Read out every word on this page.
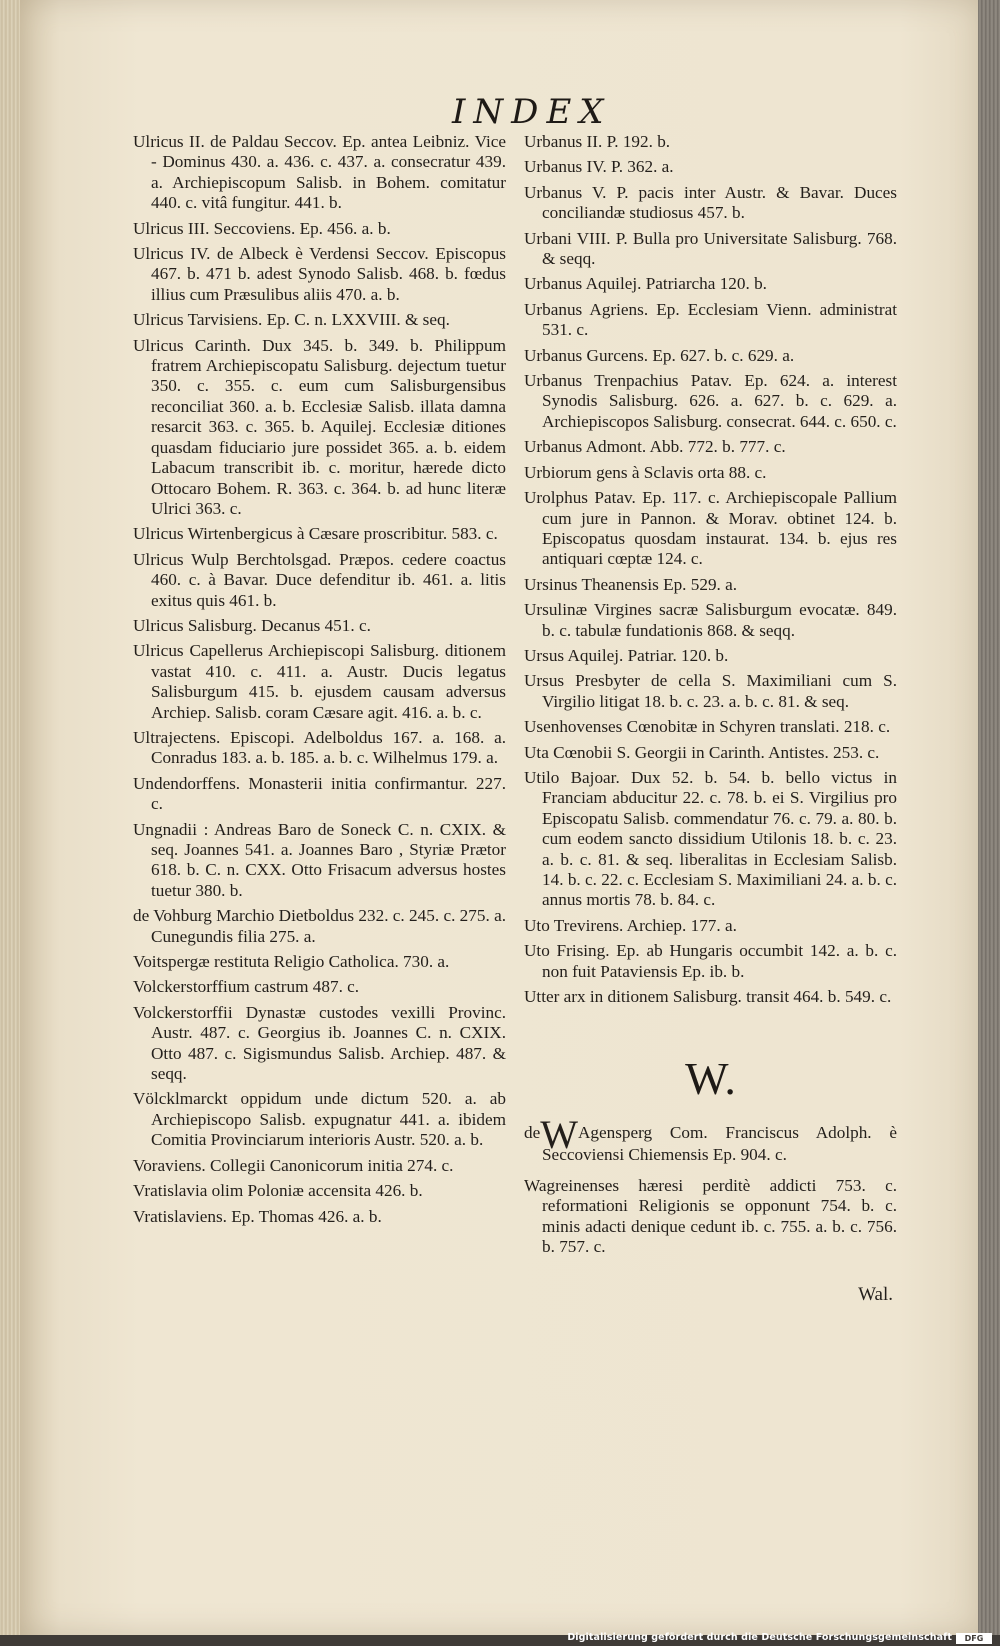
INDEX
Ulricus II. de Paldau Seccov. Ep. antea Leibniz. Vice - Dominus 430. a. 436. c. 437. a. consecratur 439. a. Archiepiscopum Salisb. in Bohem. comitatur 440. c. vitâ fungitur. 441. b.
Ulricus III. Seccoviens. Ep. 456. a. b.
Ulricus IV. de Albeck è Verdensi Seccov. Episcopus 467. b. 471 b. adest Synodo Salisb. 468. b. fœdus illius cum Præsulibus aliis 470. a. b.
Ulricus Tarvisiens. Ep. C. n. LXXVIII. & seq.
Ulricus Carinth. Dux 345. b. 349. b. Philippum fratrem Archiepiscopatu Salisburg. dejectum tuetur 350. c. 355. c. eum cum Salisburgensibus reconciliat 360. a. b. Ecclesiæ Salisb. illata damna resarcit 363. c. 365. b. Aquilej. Ecclesiæ ditiones quasdam fiduciario jure possidet 365. a. b. eidem Labacum transcribit ib. c. moritur, hærede dicto Ottocaro Bohem. R. 363. c. 364. b. ad hunc literæ Ulrici 363. c.
Ulricus Wirtenbergicus à Cæsare proscribitur. 583. c.
Ulricus Wulp Berchtolsgad. Præpos. cedere coactus 460. c. à Bavar. Duce defenditur ib. 461. a. litis exitus quis 461. b.
Ulricus Salisburg. Decanus 451. c.
Ulricus Capellerus Archiepiscopi Salisburg. ditionem vastat 410. c. 411. a. Austr. Ducis legatus Salisburgum 415. b. ejusdem causam adversus Archiep. Salisb. coram Cæsare agit. 416. a. b. c.
Ultrajectens. Episcopi. Adelboldus 167. a. 168. a. Conradus 183. a. b. 185. a. b. c. Wilhelmus 179. a.
Undendorffens. Monasterii initia confirmantur. 227. c.
Ungnadii : Andreas Baro de Soneck C. n. CXIX. & seq. Joannes 541. a. Joannes Baro , Styriæ Prætor 618. b. C. n. CXX. Otto Frisacum adversus hostes tuetur 380. b.
de Vohburg Marchio Dietboldus 232. c. 245. c. 275. a. Cunegundis filia 275. a.
Voitspergæ restituta Religio Catholica. 730. a.
Volckerstorffium castrum 487. c.
Volckerstorffii Dynastæ custodes vexilli Provinc. Austr. 487. c. Georgius ib. Joannes C. n. CXIX. Otto 487. c. Sigismundus Salisb. Archiep. 487. & seqq.
Völcklmarckt oppidum unde dictum 520. a. ab Archiepiscopo Salisb. expugnatur 441. a. ibidem Comitia Provinciarum interioris Austr. 520. a. b.
Voraviens. Collegii Canonicorum initia 274. c.
Vratislavia olim Poloniæ accensita 426. b.
Vratislaviens. Ep. Thomas 426. a. b.
Urbanus II. P. 192. b.
Urbanus IV. P. 362. a.
Urbanus V. P. pacis inter Austr. & Bavar. Duces conciliandæ studiosus 457. b.
Urbani VIII. P. Bulla pro Universitate Salisburg. 768. & seqq.
Urbanus Aquilej. Patriarcha 120. b.
Urbanus Agriens. Ep. Ecclesiam Vienn. administrat 531. c.
Urbanus Gurcens. Ep. 627. b. c. 629. a.
Urbanus Trenpachius Patav. Ep. 624. a. interest Synodis Salisburg. 626. a. 627. b. c. 629. a. Archiepiscopos Salisburg. consecrat. 644. c. 650. c.
Urbanus Admont. Abb. 772. b. 777. c.
Urbiorum gens à Sclavis orta 88. c.
Urolphus Patav. Ep. 117. c. Archiepiscopale Pallium cum jure in Pannon. & Morav. obtinet 124. b. Episcopatus quosdam instaurat. 134. b. ejus res antiquari cœptæ 124. c.
Ursinus Theanensis Ep. 529. a.
Ursulinæ Virgines sacræ Salisburgum evocatæ. 849. b. c. tabulæ fundationis 868. & seqq.
Ursus Aquilej. Patriar. 120. b.
Ursus Presbyter de cella S. Maximiliani cum S. Virgilio litigat 18. b. c. 23. a. b. c. 81. & seq.
Usenhovenses Cœnobitæ in Schyren translati. 218. c.
Uta Cœnobii S. Georgii in Carinth. Antistes. 253. c.
Utilo Bajoar. Dux 52. b. 54. b. bello victus in Franciam abducitur 22. c. 78. b. ei S. Virgilius pro Episcopatu Salisb. commendatur 76. c. 79. a. 80. b. cum eodem sancto dissidium Utilonis 18. b. c. 23. a. b. c. 81. & seq. liberalitas in Ecclesiam Salisb. 14. b. c. 22. c. Ecclesiam S. Maximiliani 24. a. b. c. annus mortis 78. b. 84. c.
Uto Trevirens. Archiep. 177. a.
Uto Frising. Ep. ab Hungaris occumbit 142. a. b. c. non fuit Pataviensis Ep. ib. b.
Utter arx in ditionem Salisburg. transit 464. b. 549. c.
W.
deWAgensperg Com. Franciscus Adolph. è Seccoviensi Chiemensis Ep. 904. c.
Wagreinenses hæresi perditè addicti 753. c. reformationi Religionis se opponunt 754. b. c. minis adacti denique cedunt ib. c. 755. a. b. c. 756. b. 757. c.
Wal.
Digitalisierung gefördert durch die Deutsche Forschungsgemeinschaft	DFG
